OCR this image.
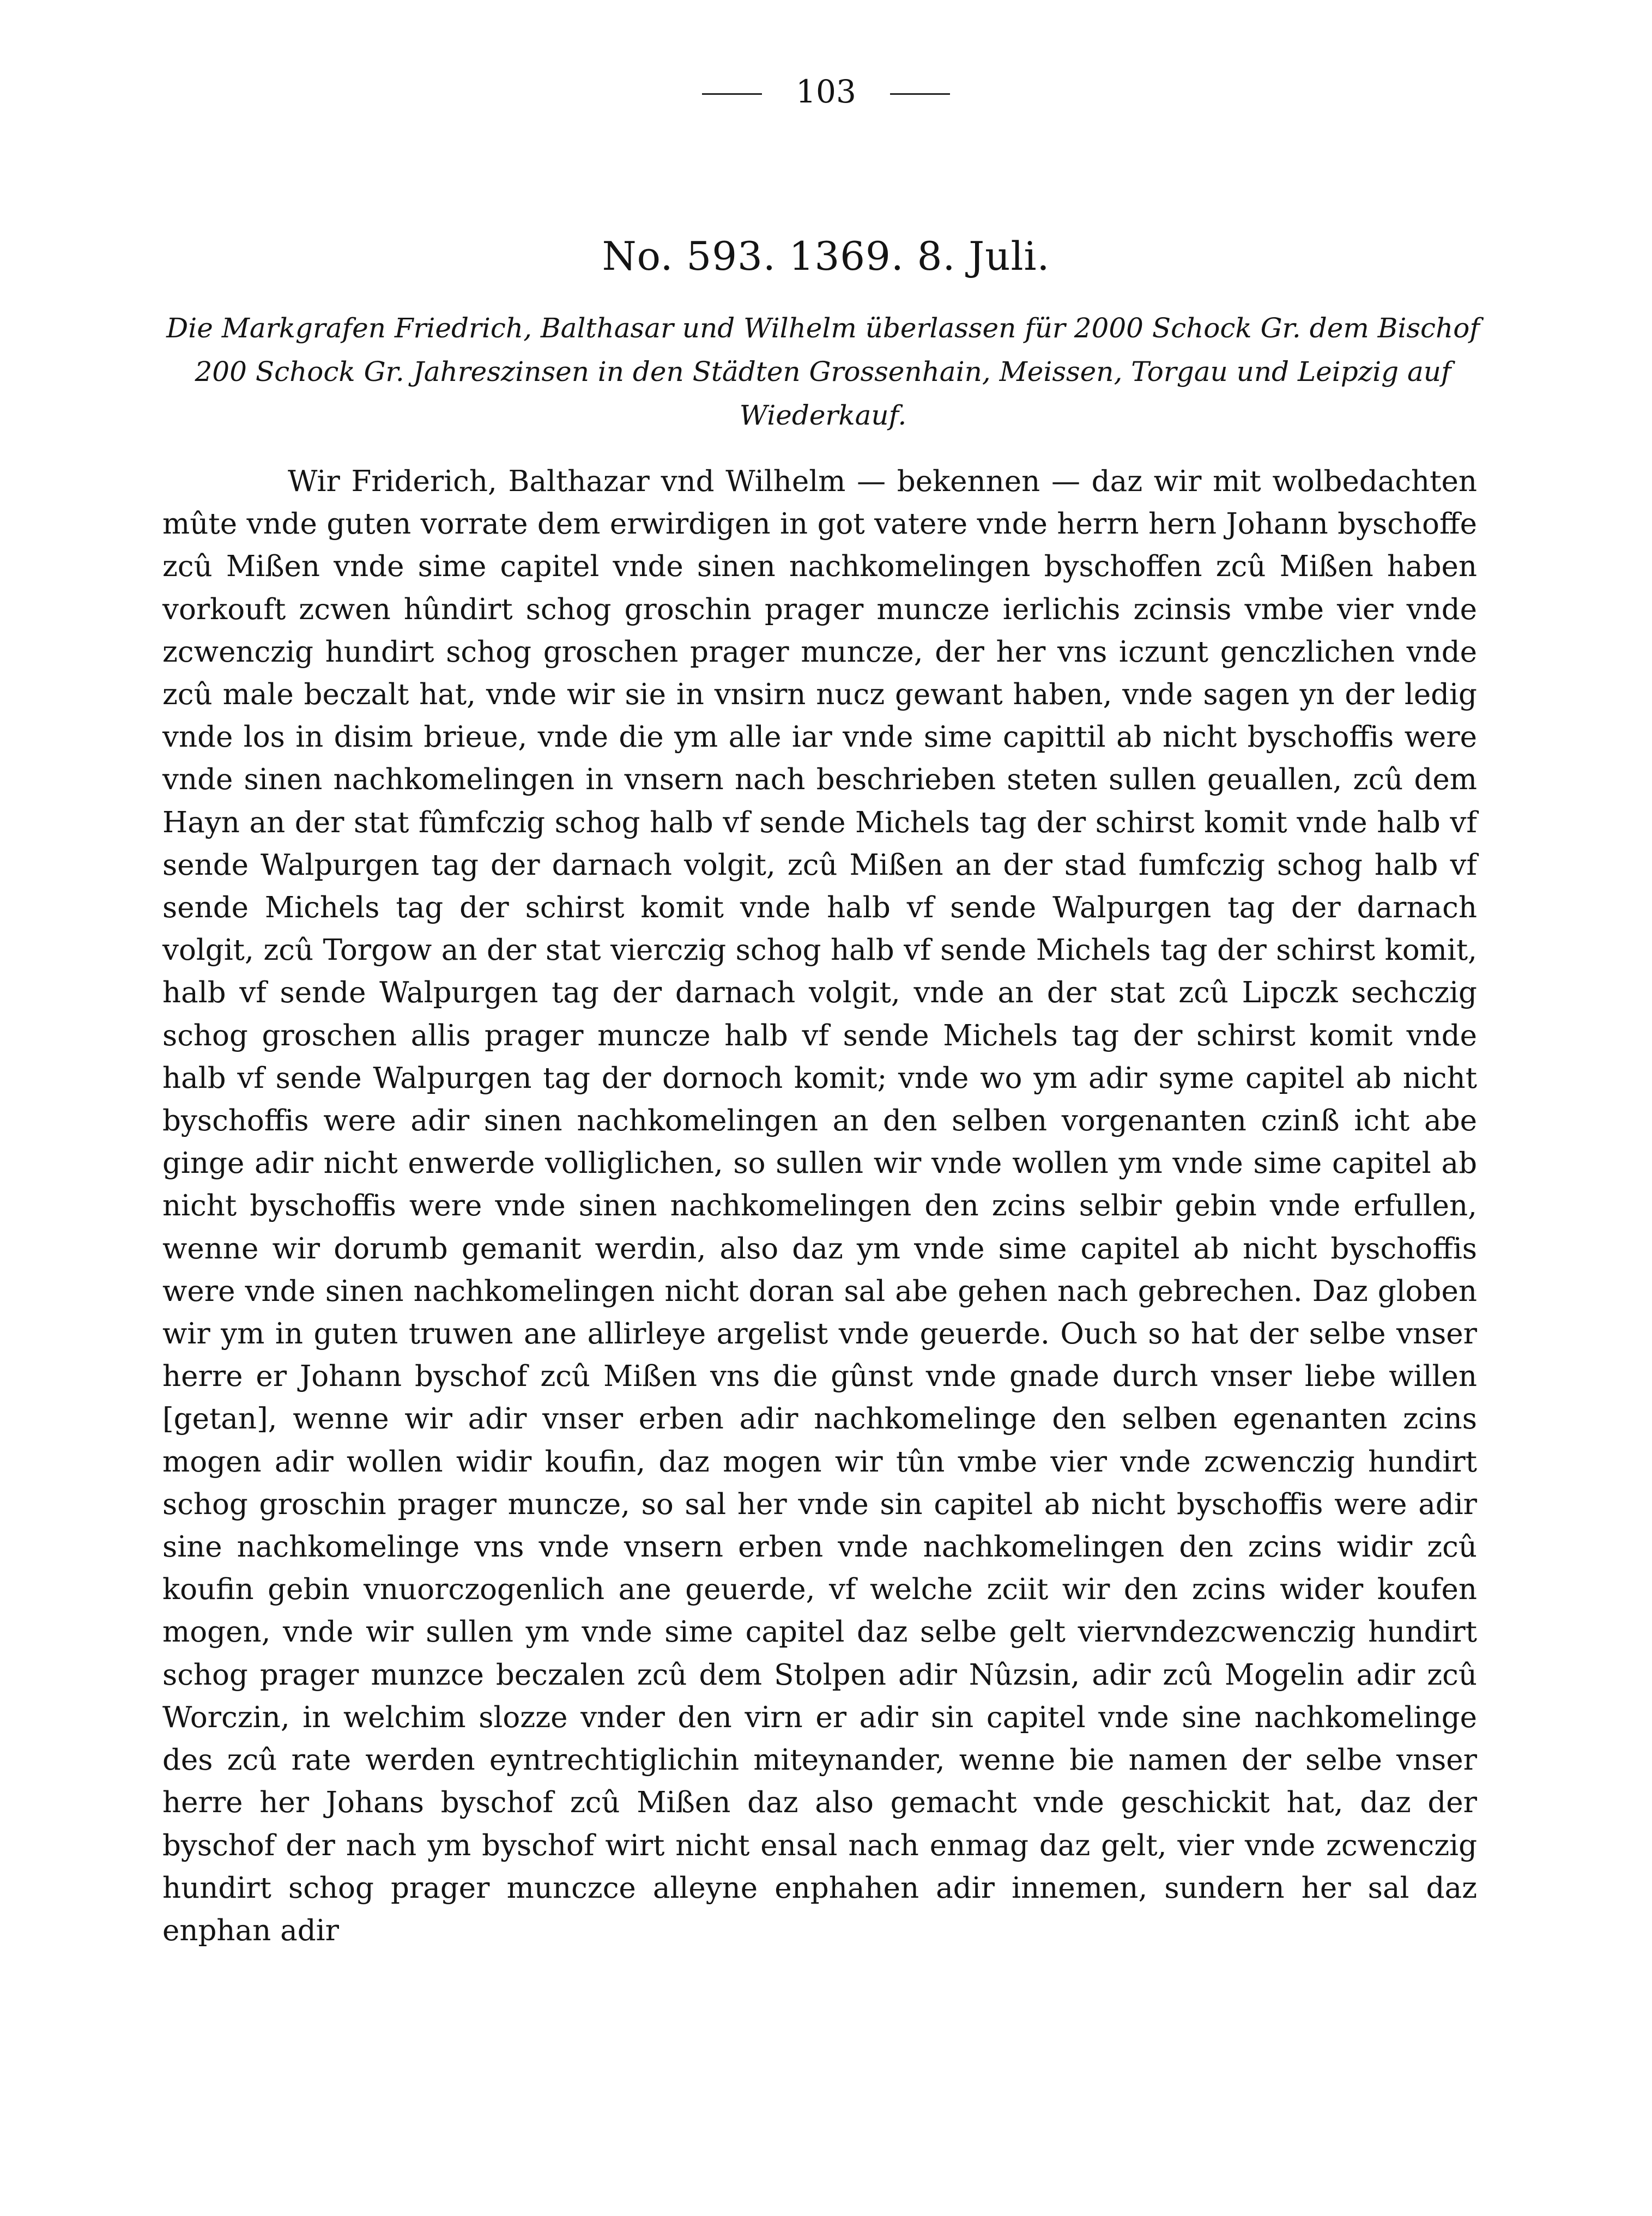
103
No. 593. 1369. 8. Juli.
Die Markgrafen Friedrich, Balthasar und Wilhelm überlassen für 2000 Schock Gr. dem Bischof 200 Schock Gr. Jahreszinsen in den Städten Grossenhain, Meissen, Torgau und Leipzig auf Wiederkauf.

Wir Friderich, Balthazar vnd Wilhelm — bekennen — daz wir mit wolbedachten mûte vnde guten vorrate dem erwirdigen in got vatere vnde herrn hern Johann byschoffe zcû Mißen vnde sime capitel vnde sinen nachkomelingen byschoffen zcû Mißen haben vorkouft zcwen hûndirt schog groschin prager muncze ierlichis zcinsis vmbe vier vnde zcwenczig hundirt schog groschen prager muncze, der her vns iczunt genczlichen vnde zcû male beczalt hat, vnde wir sie in vnsirn nucz gewant haben, vnde sagen yn der ledig vnde los in disim brieue, vnde die ym alle iar vnde sime capittil ab nicht byschoffis were vnde sinen nachkomelingen in vnsern nach beschrieben steten sullen geuallen, zcû dem Hayn an der stat fûmfczig schog halb vf sende Michels tag der schirst komit vnde halb vf sende Walpurgen tag der darnach volgit, zcû Mißen an der stad fumfczig schog halb vf sende Michels tag der schirst komit vnde halb vf sende Walpurgen tag der darnach volgit, zcû Torgow an der stat vierczig schog halb vf sende Michels tag der schirst komit, halb vf sende Walpurgen tag der darnach volgit, vnde an der stat zcû Lipczk sechczig schog groschen allis prager muncze halb vf sende Michels tag der schirst komit vnde halb vf sende Walpurgen tag der dornoch komit; vnde wo ym adir syme capitel ab nicht byschoffis were adir sinen nachkomelingen an den selben vorgenanten czinß icht abe ginge adir nicht enwerde volliglichen, so sullen wir vnde wollen ym vnde sime capitel ab nicht byschoffis were vnde sinen nachkomelingen den zcins selbir gebin vnde erfullen, wenne wir dorumb gemanit werdin, also daz ym vnde sime capitel ab nicht byschoffis were vnde sinen nachkomelingen nicht doran sal abe gehen nach gebrechen. Daz globen wir ym in guten truwen ane allirleye argelist vnde geuerde. Ouch so hat der selbe vnser herre er Johann byschof zcû Mißen vns die gûnst vnde gnade durch vnser liebe willen [getan], wenne wir adir vnser erben adir nachkomelinge den selben egenanten zcins mogen adir wollen widir koufin, daz mogen wir tûn vmbe vier vnde zcwenczig hundirt schog groschin prager muncze, so sal her vnde sin capitel ab nicht byschoffis were adir sine nachkomelinge vns vnde vnsern erben vnde nachkomelingen den zcins widir zcû koufin gebin vnuorczogenlich ane geuerde, vf welche zciit wir den zcins wider koufen mogen, vnde wir sullen ym vnde sime capitel daz selbe gelt viervndezcwenczig hundirt schog prager munzce beczalen zcû dem Stolpen adir Nûzsin, adir zcû Mogelin adir zcû Worczin, in welchim slozze vnder den virn er adir sin capitel vnde sine nachkomelinge des zcû rate werden eyntrechtiglichin miteynander, wenne bie namen der selbe vnser herre her Johans byschof zcû Mißen daz also gemacht vnde geschickit hat, daz der byschof der nach ym byschof wirt nicht ensal nach enmag daz gelt, vier vnde zcwenczig hundirt schog prager munczce alleyne enphahen adir innemen, sundern her sal daz enphan adir
